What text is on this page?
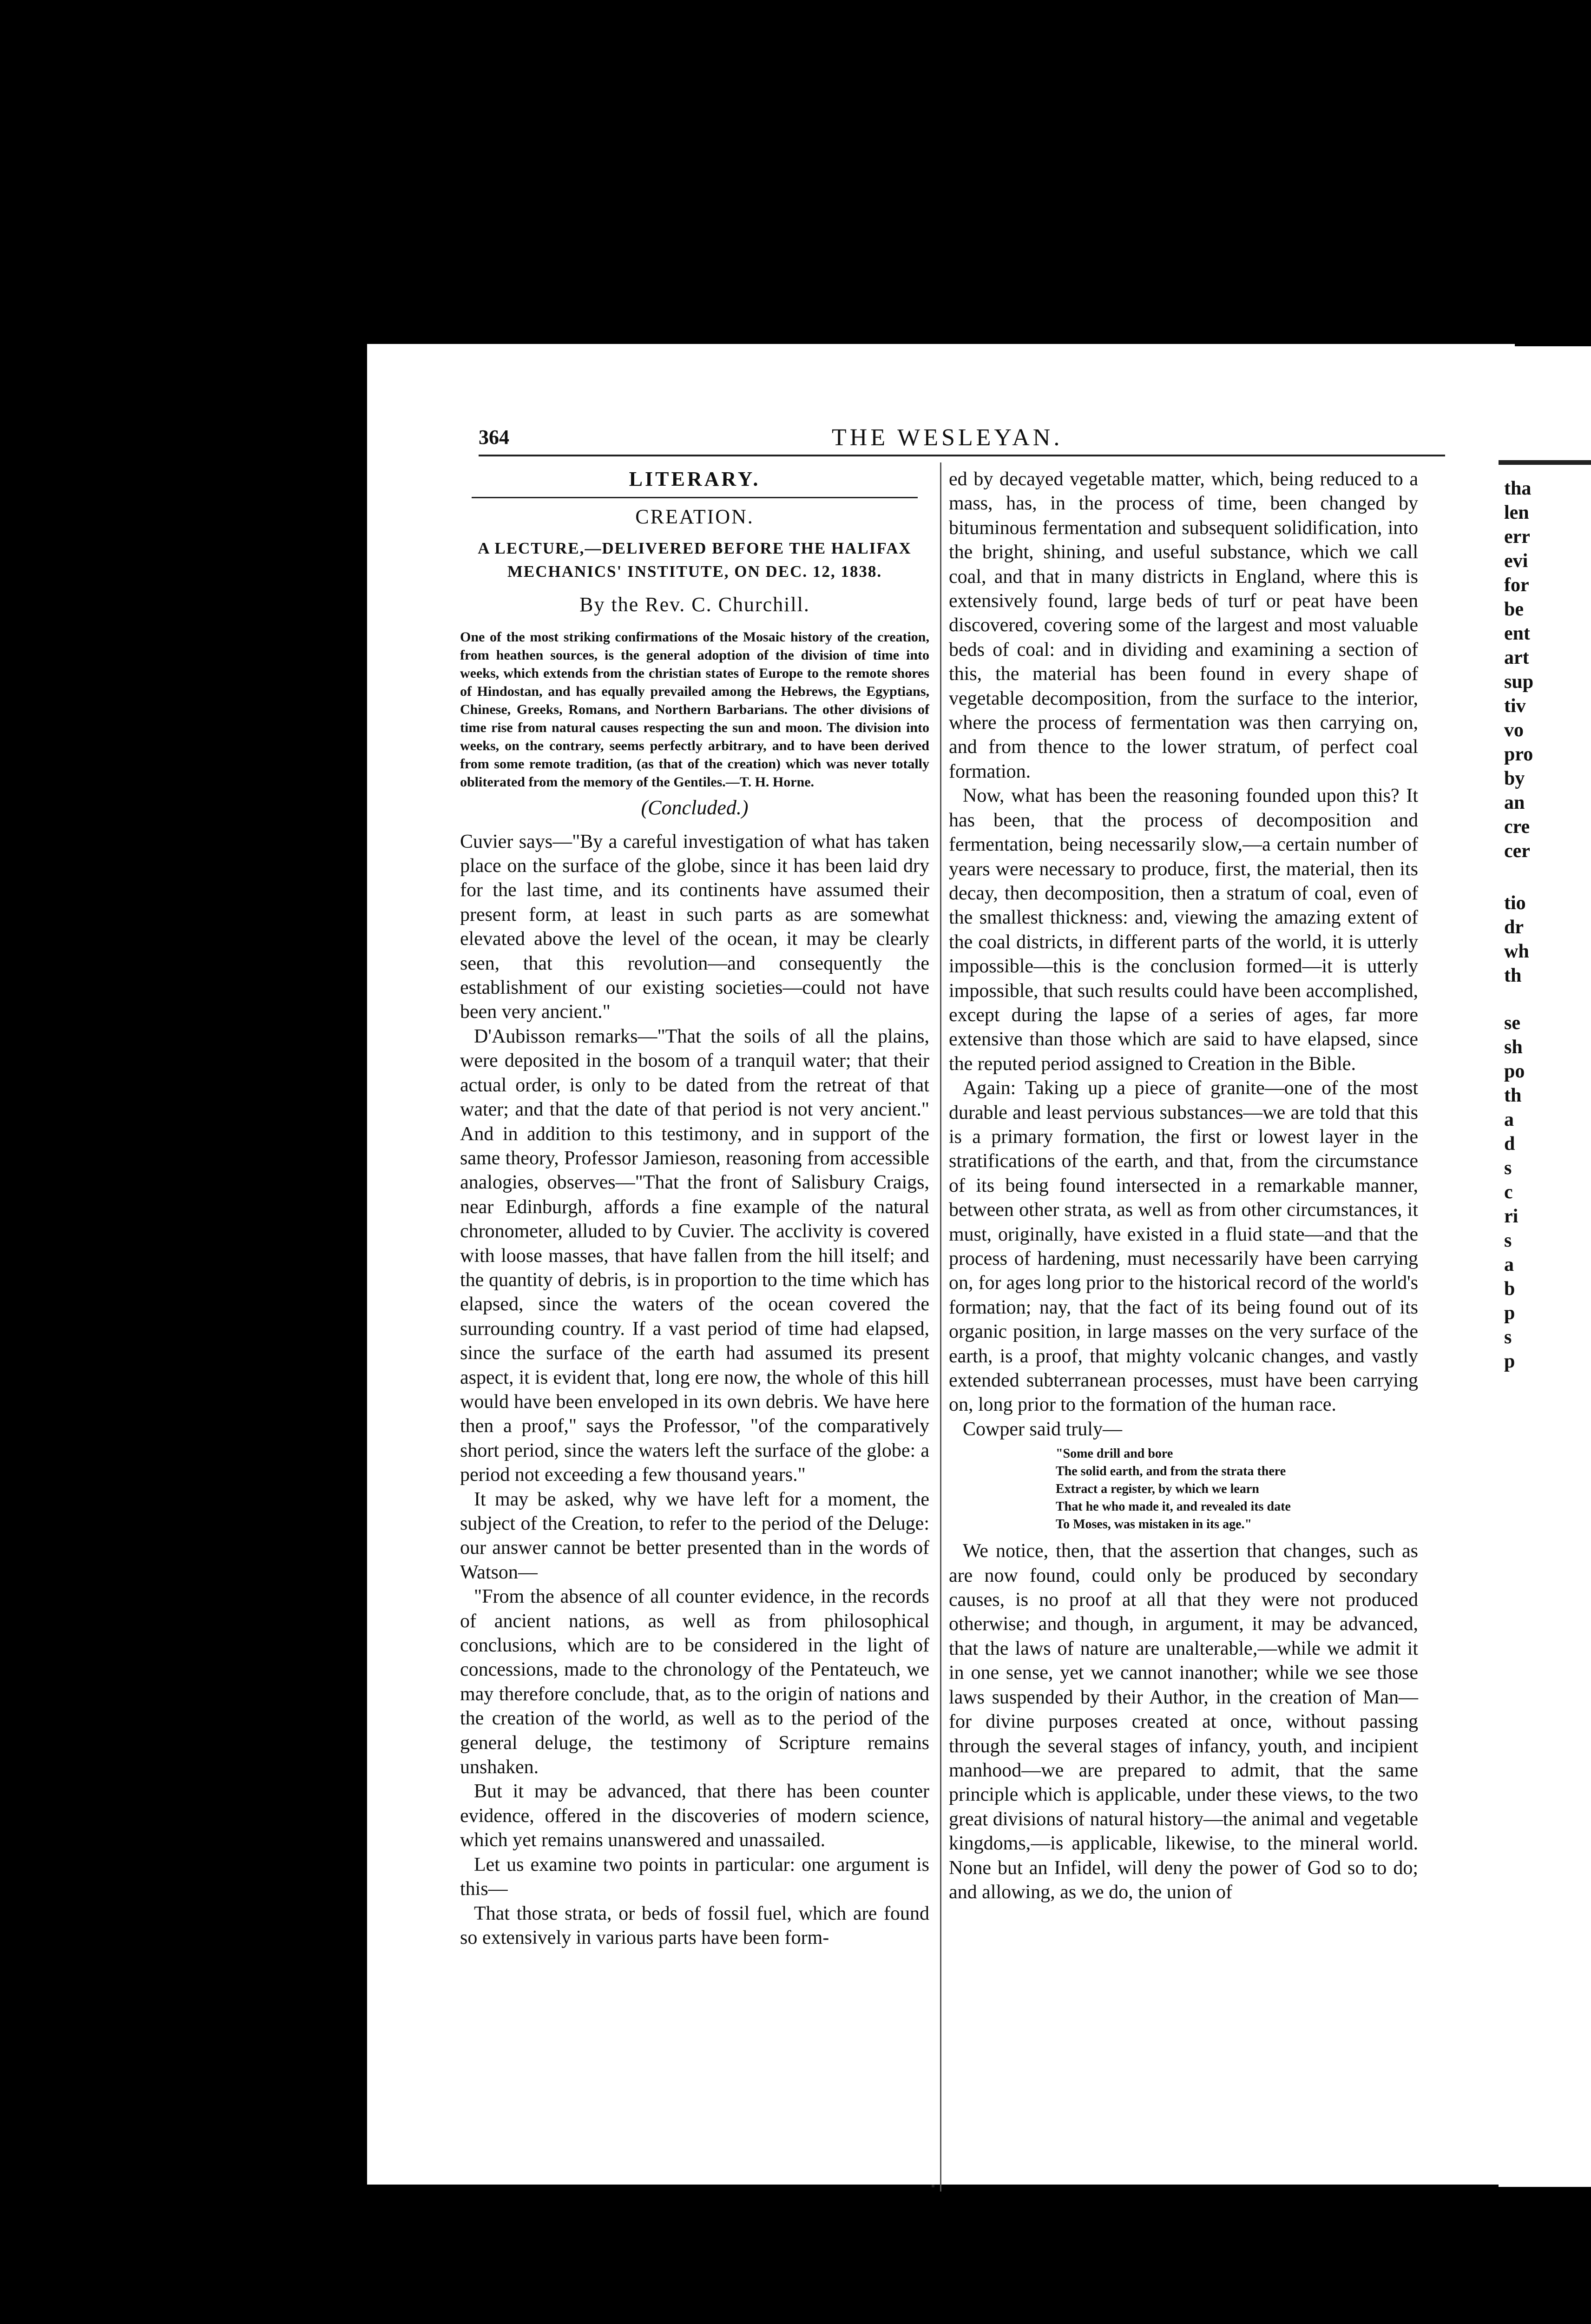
364	THE WESLEYAN.
LITERARY.
CREATION.
A LECTURE,—DELIVERED BEFORE THE HALIFAX MECHANICS' INSTITUTE, ON DEC. 12, 1838.
By the Rev. C. Churchill.
One of the most striking confirmations of the Mosaic history of the creation, from heathen sources, is the general adoption of the division of time into weeks, which extends from the christian states of Europe to the remote shores of Hindostan, and has equally prevailed among the Hebrews, the Egyptians, Chinese, Greeks, Romans, and Northern Barbarians. The other divisions of time rise from natural causes respecting the sun and moon. The division into weeks, on the contrary, seems perfectly arbitrary, and to have been derived from some remote tradition, (as that of the creation) which was never totally obliterated from the memory of the Gentiles.—T. H. Horne.
(Concluded.)

Cuvier says—"By a careful investigation of what has taken place on the surface of the globe, since it has been laid dry for the last time, and its continents have assumed their present form, at least in such parts as are somewhat elevated above the level of the ocean, it may be clearly seen, that this revolution—and consequently the establishment of our existing societies—could not have been very ancient."

D'Aubisson remarks—"That the soils of all the plains, were deposited in the bosom of a tranquil water; that their actual order, is only to be dated from the retreat of that water; and that the date of that period is not very ancient." And in addition to this testimony, and in support of the same theory, Professor Jamieson, reasoning from accessible analogies, observes—"That the front of Salisbury Craigs, near Edinburgh, affords a fine example of the natural chronometer, alluded to by Cuvier. The acclivity is covered with loose masses, that have fallen from the hill itself; and the quantity of debris, is in proportion to the time which has elapsed, since the waters of the ocean covered the surrounding country. If a vast period of time had elapsed, since the surface of the earth had assumed its present aspect, it is evident that, long ere now, the whole of this hill would have been enveloped in its own debris. We have here then a proof," says the Professor, "of the comparatively short period, since the waters left the surface of the globe: a period not exceeding a few thousand years."

It may be asked, why we have left for a moment, the subject of the Creation, to refer to the period of the Deluge: our answer cannot be better presented than in the words of Watson—

"From the absence of all counter evidence, in the records of ancient nations, as well as from philosophical conclusions, which are to be considered in the light of concessions, made to the chronology of the Pentateuch, we may therefore conclude, that, as to the origin of nations and the creation of the world, as well as to the period of the general deluge, the testimony of Scripture remains unshaken.

But it may be advanced, that there has been counter evidence, offered in the discoveries of modern science, which yet remains unanswered and unassailed.

Let us examine two points in particular: one argument is this—

That those strata, or beds of fossil fuel, which are found so extensively in various parts have been form-

ed by decayed vegetable matter, which, being reduced to a mass, has, in the process of time, been changed by bituminous fermentation and subsequent solidification, into the bright, shining, and useful substance, which we call coal, and that in many districts in England, where this is extensively found, large beds of turf or peat have been discovered, covering some of the largest and most valuable beds of coal: and in dividing and examining a section of this, the material has been found in every shape of vegetable decomposition, from the surface to the interior, where the process of fermentation was then carrying on, and from thence to the lower stratum, of perfect coal formation.

Now, what has been the reasoning founded upon this? It has been, that the process of decomposition and fermentation, being necessarily slow,—a certain number of years were necessary to produce, first, the material, then its decay, then decomposition, then a stratum of coal, even of the smallest thickness: and, viewing the amazing extent of the coal districts, in different parts of the world, it is utterly impossible—this is the conclusion formed—it is utterly impossible, that such results could have been accomplished, except during the lapse of a series of ages, far more extensive than those which are said to have elapsed, since the reputed period assigned to Creation in the Bible.

Again: Taking up a piece of granite—one of the most durable and least pervious substances—we are told that this is a primary formation, the first or lowest layer in the stratifications of the earth, and that, from the circumstance of its being found intersected in a remarkable manner, between other strata, as well as from other circumstances, it must, originally, have existed in a fluid state—and that the process of hardening, must necessarily have been carrying on, for ages long prior to the historical record of the world's formation; nay, that the fact of its being found out of its organic position, in large masses on the very surface of the earth, is a proof, that mighty volcanic changes, and vastly extended subterranean processes, must have been carrying on, long prior to the formation of the human race.

Cowper said truly—

"Some drill and bore
The solid earth, and from the strata there
Extract a register, by which we learn
That he who made it, and revealed its date
To Moses, was mistaken in its age."

We notice, then, that the assertion that changes, such as are now found, could only be produced by secondary causes, is no proof at all that they were not produced otherwise; and though, in argument, it may be advanced, that the laws of nature are unalterable,—while we admit it in one sense, yet we cannot inanother; while we see those laws suspended by their Author, in the creation of Man—for divine purposes created at once, without passing through the several stages of infancy, youth, and incipient manhood—we are prepared to admit, that the same principle which is applicable, under these views, to the two great divisions of natural history—the animal and vegetable kingdoms,—is applicable, likewise, to the mineral world. None but an Infidel, will deny the power of God so to do; and allowing, as we do, the union of

tha
len
err
evi
for
be
ent
art
sup
tiv
vo
pro
by
an
cre
cer
tio
dr
wh
th
se
sh
po
th
a
d
s
c
ri
s
a
b
p
s
p
